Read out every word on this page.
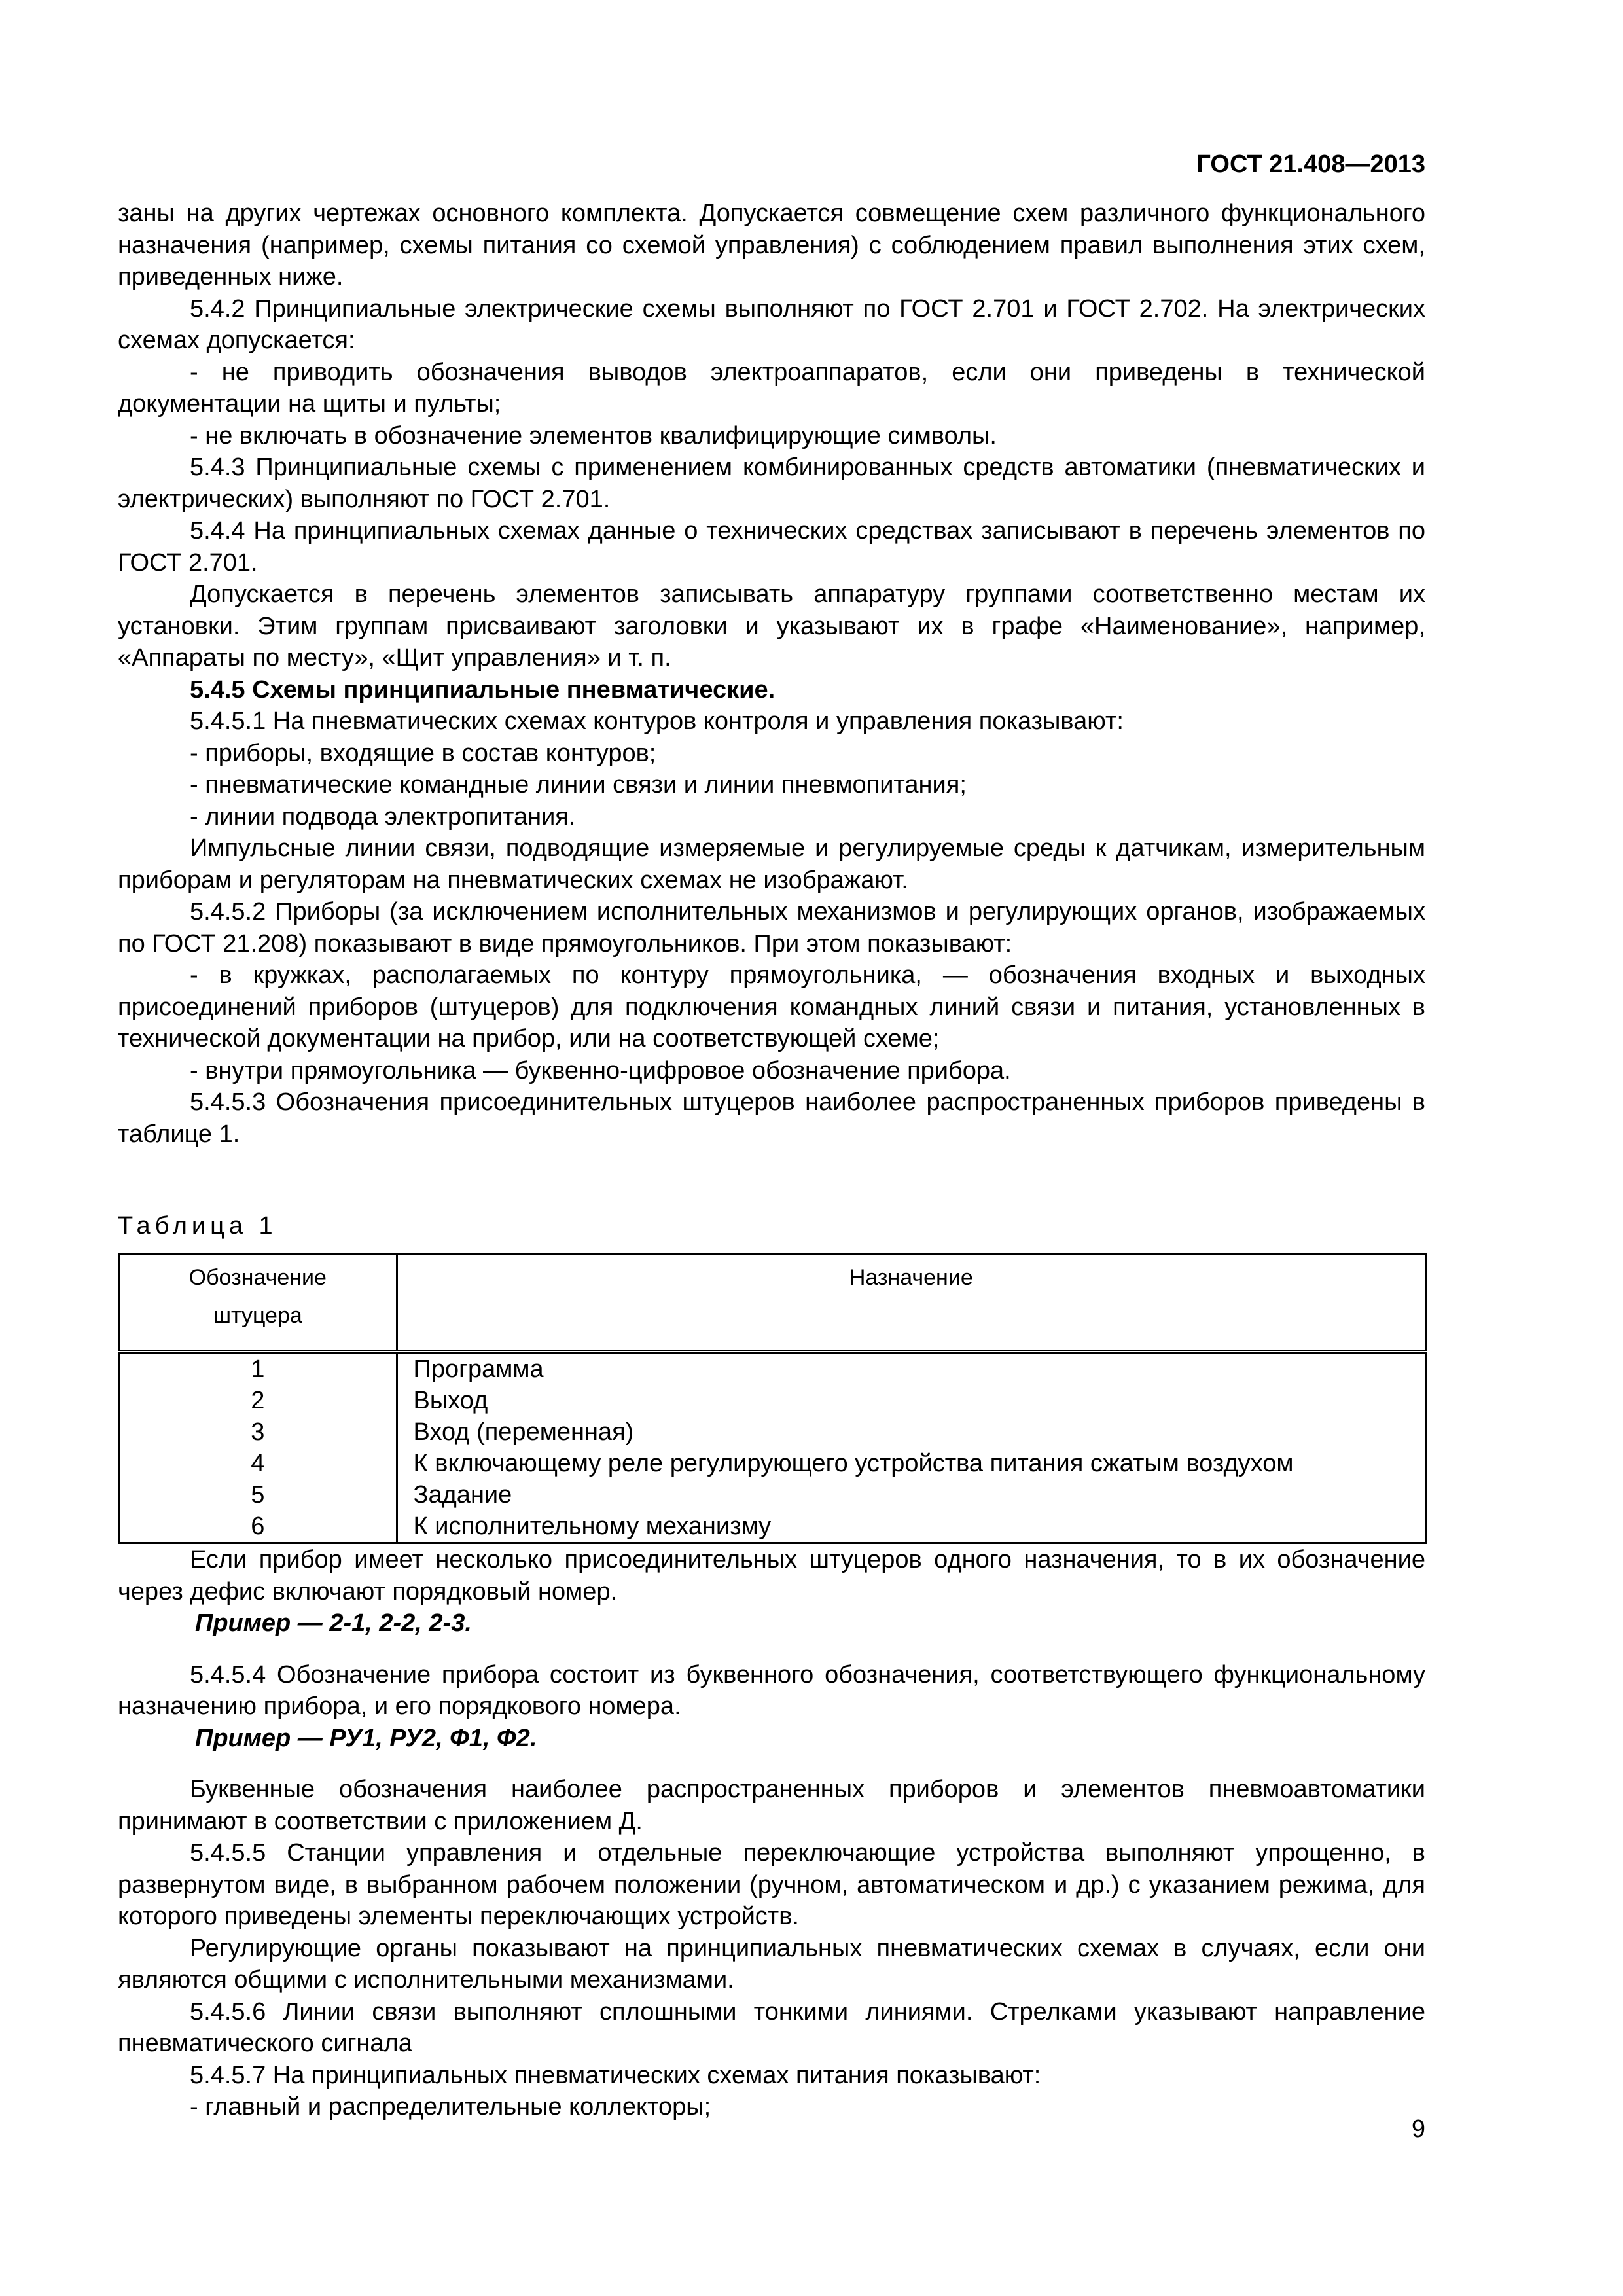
ГОСТ 21.408—2013

заны на других чертежах основного комплекта. Допускается совмещение схем различного функционального назначения (например, схемы питания со схемой управления) с соблюдением правил выполнения этих схем, приведенных ниже.

5.4.2 Принципиальные электрические схемы выполняют по ГОСТ 2.701 и ГОСТ 2.702. На электрических схемах допускается:

- не приводить обозначения выводов электроаппаратов, если они приведены в технической документации на щиты и пульты;

- не включать в обозначение элементов квалифицирующие символы.

5.4.3 Принципиальные схемы с применением комбинированных средств автоматики (пневматических и электрических) выполняют по ГОСТ 2.701.

5.4.4 На принципиальных схемах данные о технических средствах записывают в перечень элементов по ГОСТ 2.701.

Допускается в перечень элементов записывать аппаратуру группами соответственно местам их установки. Этим группам присваивают заголовки и указывают их в графе «Наименование», например, «Аппараты по месту», «Щит управления» и т. п.

5.4.5 Схемы принципиальные пневматические.

5.4.5.1 На пневматических схемах контуров контроля и управления показывают:

- приборы, входящие в состав контуров;

- пневматические командные линии связи и линии пневмопитания;

- линии подвода электропитания.

Импульсные линии связи, подводящие измеряемые и регулируемые среды к датчикам, измерительным приборам и регуляторам на пневматических схемах не изображают.

5.4.5.2 Приборы (за исключением исполнительных механизмов и регулирующих органов, изображаемых по ГОСТ 21.208) показывают в виде прямоугольников. При этом показывают:

- в кружках, располагаемых по контуру прямоугольника, — обозначения входных и выходных присоединений приборов (штуцеров) для подключения командных линий связи и питания, установленных в технической документации на прибор, или на соответствующей схеме;

- внутри прямоугольника — буквенно-цифровое обозначение прибора.

5.4.5.3 Обозначения присоединительных штуцеров наиболее распространенных приборов приведены в таблице 1.

Таблица 1

Обозначение
штуцера	Назначение
1	Программа
2	Выход
3	Вход (переменная)
4	К включающему реле регулирующего устройства питания сжатым воздухом
5	Задание
6	К исполнительному механизму

Если прибор имеет несколько присоединительных штуцеров одного назначения, то в их обозначение через дефис включают порядковый номер.

Пример — 2-1, 2-2, 2-3.

5.4.5.4 Обозначение прибора состоит из буквенного обозначения, соответствующего функциональному назначению прибора, и его порядкового номера.

Пример — РУ1, РУ2, Ф1, Ф2.

Буквенные обозначения наиболее распространенных приборов и элементов пневмоавтоматики принимают в соответствии с приложением Д.

5.4.5.5 Станции управления и отдельные переключающие устройства выполняют упрощенно, в развернутом виде, в выбранном рабочем положении (ручном, автоматическом и др.) с указанием режима, для которого приведены элементы переключающих устройств.

Регулирующие органы показывают на принципиальных пневматических схемах в случаях, если они являются общими с исполнительными механизмами.

5.4.5.6 Линии связи выполняют сплошными тонкими линиями. Стрелками указывают направление пневматического сигнала

5.4.5.7 На принципиальных пневматических схемах питания показывают:

- главный и распределительные коллекторы;

9
